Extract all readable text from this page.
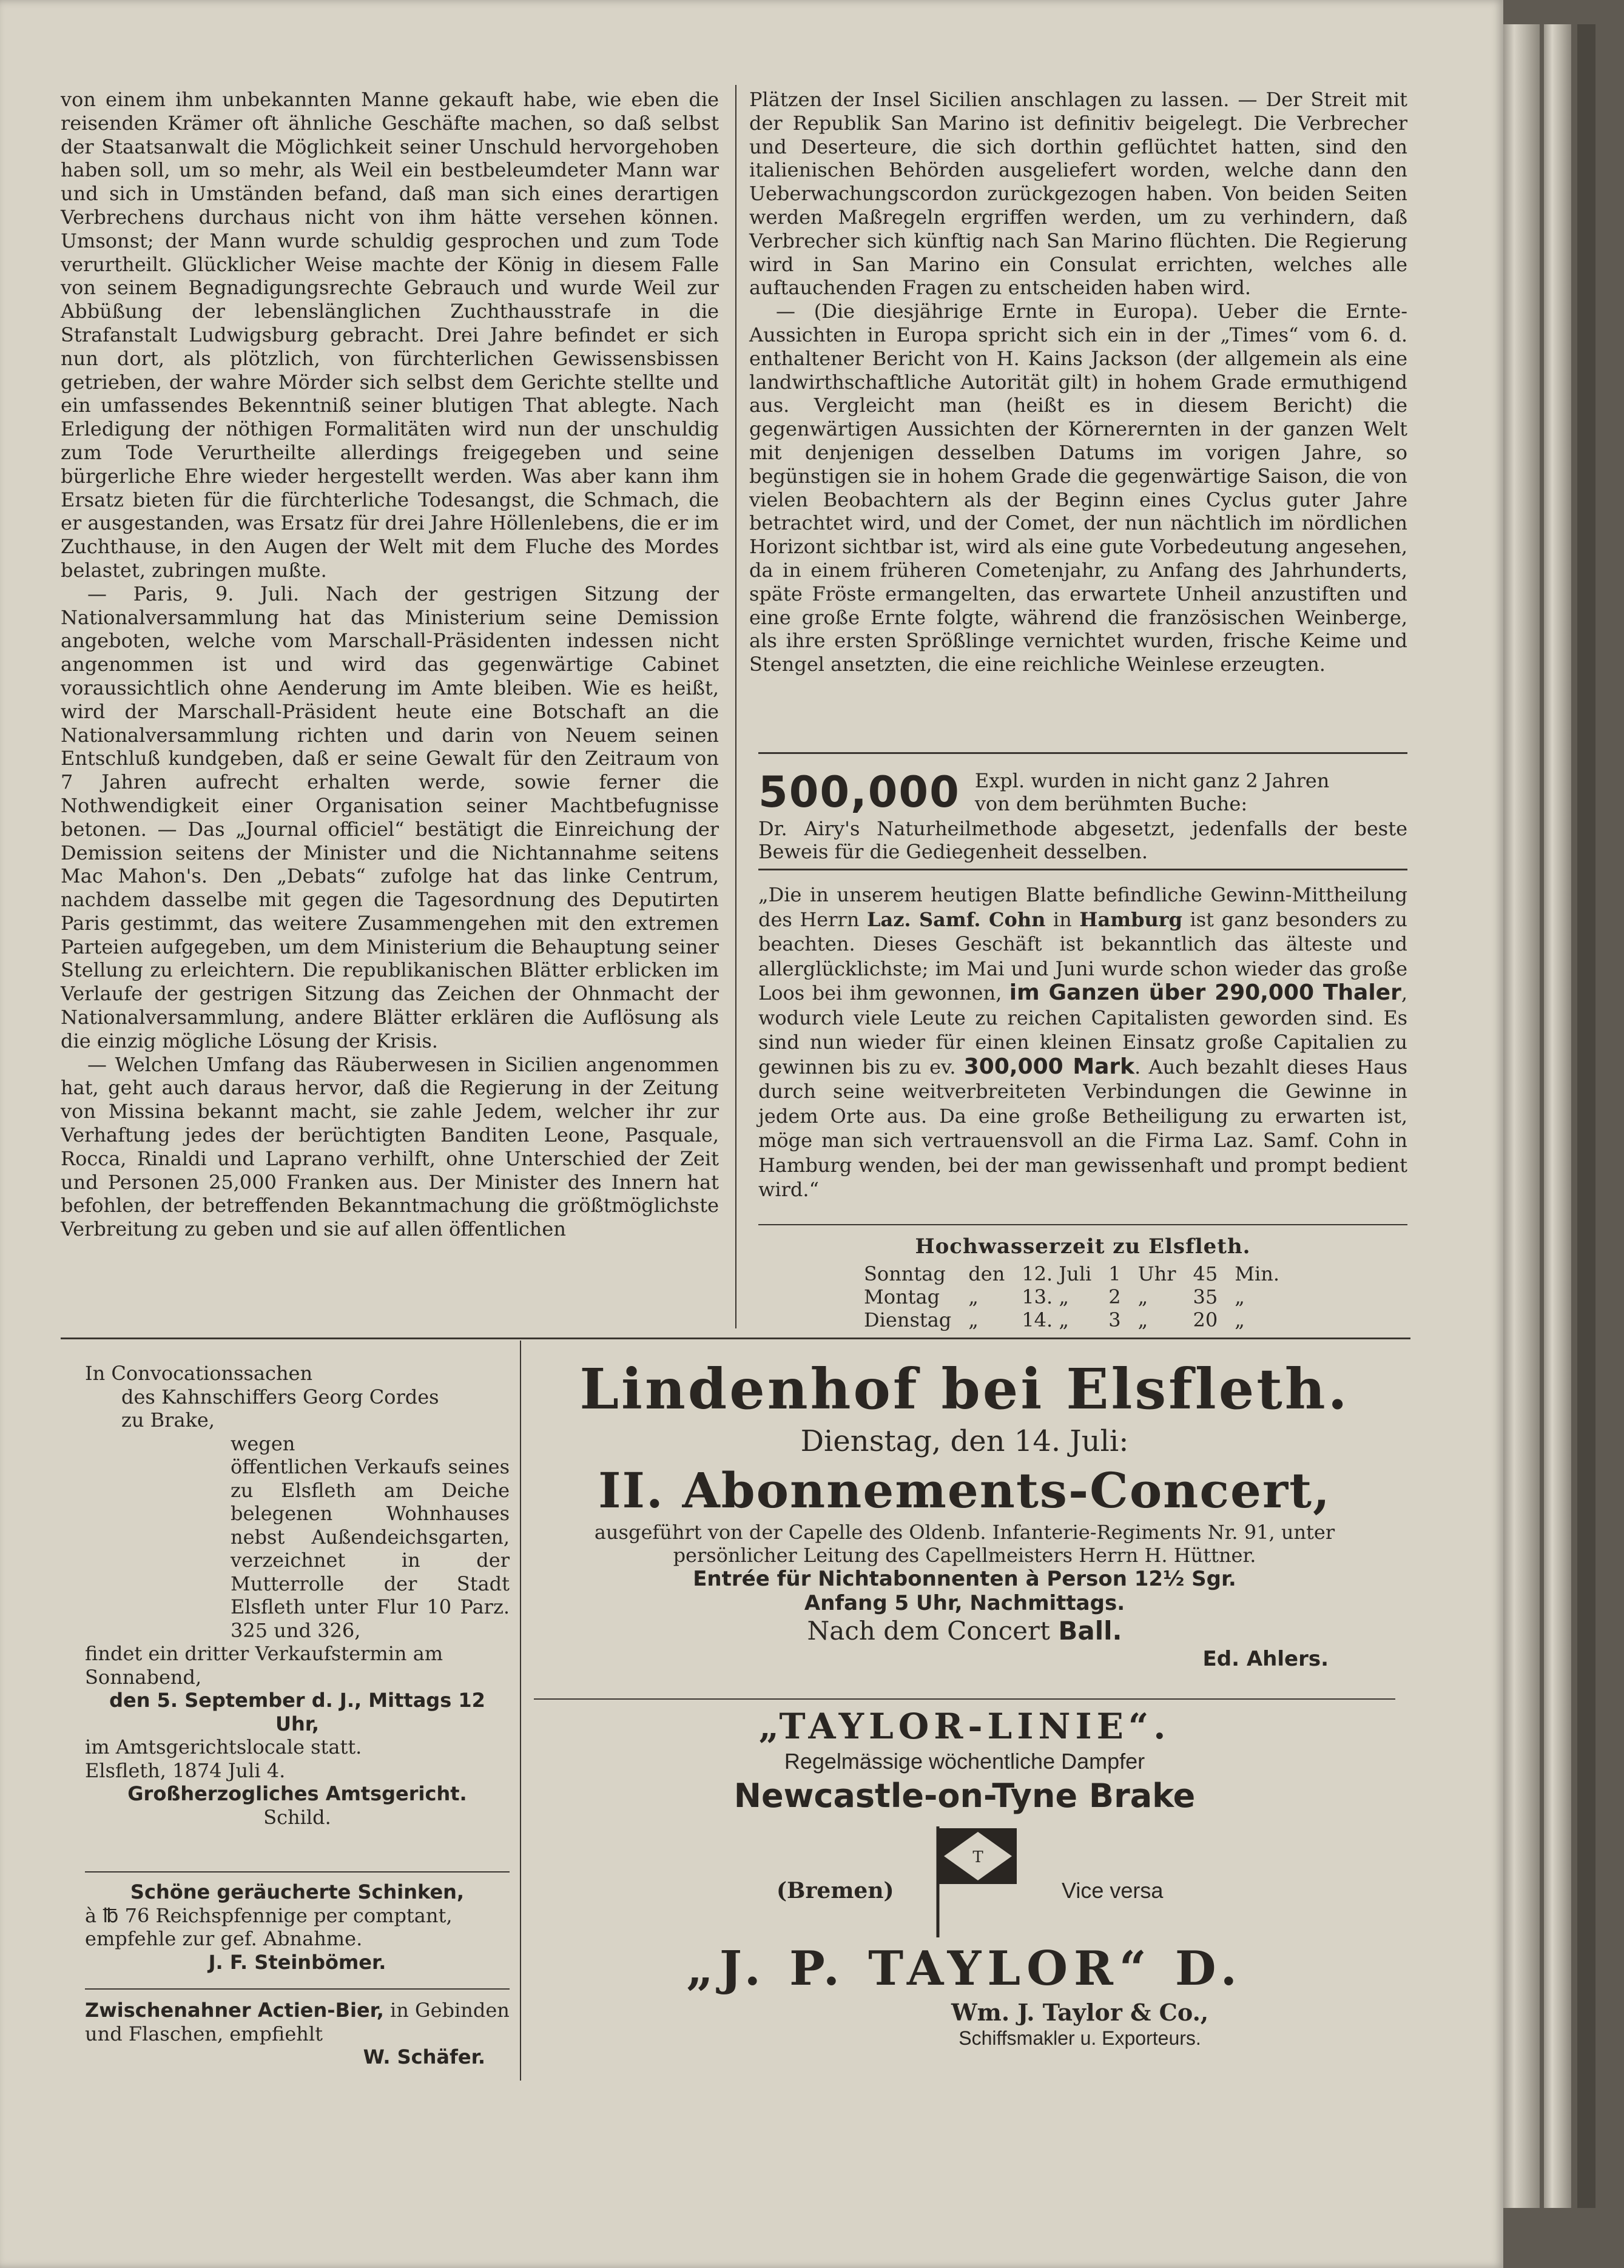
von einem ihm unbekannten Manne gekauft habe, wie eben die reisenden Krämer oft ähnliche Geschäfte machen, so daß selbst der Staatsanwalt die Möglichkeit seiner Unschuld hervorgehoben haben soll, um so mehr, als Weil ein bestbeleumdeter Mann war und sich in Umständen befand, daß man sich eines derartigen Verbrechens durchaus nicht von ihm hätte versehen können. Umsonst; der Mann wurde schuldig gesprochen und zum Tode verurtheilt. Glücklicher Weise machte der König in diesem Falle von seinem Begnadigungsrechte Gebrauch und wurde Weil zur Abbüßung der lebenslänglichen Zuchthausstrafe in die Strafanstalt Ludwigsburg gebracht. Drei Jahre befindet er sich nun dort, als plötzlich, von fürchterlichen Gewissensbissen getrieben, der wahre Mörder sich selbst dem Gerichte stellte und ein umfassendes Bekenntniß seiner blutigen That ablegte. Nach Erledigung der nöthigen Formalitäten wird nun der unschuldig zum Tode Verurtheilte allerdings freigegeben und seine bürgerliche Ehre wieder hergestellt werden. Was aber kann ihm Ersatz bieten für die fürchterliche Todesangst, die Schmach, die er ausgestanden, was Ersatz für drei Jahre Höllenlebens, die er im Zuchthause, in den Augen der Welt mit dem Fluche des Mordes belastet, zubringen mußte.

— Paris, 9. Juli. Nach der gestrigen Sitzung der Nationalversammlung hat das Ministerium seine Demission angeboten, welche vom Marschall-Präsidenten indessen nicht angenommen ist und wird das gegenwärtige Cabinet voraussichtlich ohne Aenderung im Amte bleiben. Wie es heißt, wird der Marschall-Präsident heute eine Botschaft an die Nationalversammlung richten und darin von Neuem seinen Entschluß kundgeben, daß er seine Gewalt für den Zeitraum von 7 Jahren aufrecht erhalten werde, sowie ferner die Nothwendigkeit einer Organisation seiner Machtbefugnisse betonen. — Das „Journal officiel“ bestätigt die Einreichung der Demission seitens der Minister und die Nichtannahme seitens Mac Mahon's. Den „Debats“ zufolge hat das linke Centrum, nachdem dasselbe mit gegen die Tagesordnung des Deputirten Paris gestimmt, das weitere Zusammengehen mit den extremen Parteien aufgegeben, um dem Ministerium die Behauptung seiner Stellung zu erleichtern. Die republikanischen Blätter erblicken im Verlaufe der gestrigen Sitzung das Zeichen der Ohnmacht der Nationalversammlung, andere Blätter erklären die Auflösung als die einzig mögliche Lösung der Krisis.

— Welchen Umfang das Räuberwesen in Sicilien angenommen hat, geht auch daraus hervor, daß die Regierung in der Zeitung von Missina bekannt macht, sie zahle Jedem, welcher ihr zur Verhaftung jedes der berüchtigten Banditen Leone, Pasquale, Rocca, Rinaldi und Laprano verhilft, ohne Unterschied der Zeit und Personen 25,000 Franken aus. Der Minister des Innern hat befohlen, der betreffenden Bekanntmachung die größtmöglichste Verbreitung zu geben und sie auf allen öffentlichen

Plätzen der Insel Sicilien anschlagen zu lassen. — Der Streit mit der Republik San Marino ist definitiv beigelegt. Die Verbrecher und Deserteure, die sich dorthin geflüchtet hatten, sind den italienischen Behörden ausgeliefert worden, welche dann den Ueberwachungscordon zurückgezogen haben. Von beiden Seiten werden Maßregeln ergriffen werden, um zu verhindern, daß Verbrecher sich künftig nach San Marino flüchten. Die Regierung wird in San Marino ein Consulat errichten, welches alle auftauchenden Fragen zu entscheiden haben wird.

— (Die diesjährige Ernte in Europa). Ueber die Ernte-Aussichten in Europa spricht sich ein in der „Times“ vom 6. d. enthaltener Bericht von H. Kains Jackson (der allgemein als eine landwirthschaftliche Autorität gilt) in hohem Grade ermuthigend aus. Vergleicht man (heißt es in diesem Bericht) die gegenwärtigen Aussichten der Körnerernten in der ganzen Welt mit denjenigen desselben Datums im vorigen Jahre, so begünstigen sie in hohem Grade die gegenwärtige Saison, die von vielen Beobachtern als der Beginn eines Cyclus guter Jahre betrachtet wird, und der Comet, der nun nächtlich im nördlichen Horizont sichtbar ist, wird als eine gute Vorbedeutung angesehen, da in einem früheren Cometenjahr, zu Anfang des Jahrhunderts, späte Fröste ermangelten, das erwartete Unheil anzustiften und eine große Ernte folgte, während die französischen Weinberge, als ihre ersten Sprößlinge vernichtet wurden, frische Keime und Stengel ansetzten, die eine reichliche Weinlese erzeugten.

500,000 Expl. wurden in nicht ganz 2 Jahren
von dem berühmten Buche:
Dr. Airy's Naturheilmethode abgesetzt, jedenfalls der beste Beweis für die Gediegenheit desselben.
„Die in unserem heutigen Blatte befindliche Gewinn-Mittheilung des Herrn Laz. Samf. Cohn in Hamburg ist ganz besonders zu beachten. Dieses Geschäft ist bekanntlich das älteste und allerglücklichste; im Mai und Juni wurde schon wieder das große Loos bei ihm gewonnen, im Ganzen über 290,000 Thaler, wodurch viele Leute zu reichen Capitalisten geworden sind. Es sind nun wieder für einen kleinen Einsatz große Capitalien zu gewinnen bis zu ev. 300,000 Mark. Auch bezahlt dieses Haus durch seine weitverbreiteten Verbindungen die Gewinne in jedem Orte aus. Da eine große Betheiligung zu erwarten ist, möge man sich vertrauensvoll an die Firma Laz. Samf. Cohn in Hamburg wenden, bei der man gewissenhaft und prompt bedient wird.“
Hochwasserzeit zu Elsfleth.
Sonntag	den	12. Juli	1	Uhr	45	Min.
Montag	„	13. „	2	„	35	„
Dienstag	„	14. „	3	„	20	„
In Convocationssachen
des Kahnschiffers Georg Cordes
zu Brake,
wegen
öffentlichen Verkaufs seines zu Elsfleth am Deiche belegenen Wohnhauses nebst Außendeichsgarten, verzeichnet in der Mutterrolle der Stadt Elsfleth unter Flur 10 Parz. 325 und 326,
findet ein dritter Verkaufstermin am Sonnabend,
den 5. September d. J., Mittags 12 Uhr,
im Amtsgerichtslocale statt.
Elsfleth, 1874 Juli 4.
Großherzogliches Amtsgericht.
Schild.
Schöne geräucherte Schinken,
à ℔ 76 Reichspfennige per comptant, empfehle zur gef. Abnahme.
J. F. Steinbömer.
Zwischenahner Actien-Bier, in Gebinden und Flaschen, empfiehlt
W. Schäfer.
Lindenhof bei Elsfleth.
Dienstag, den 14. Juli:
II. Abonnements-Concert,
ausgeführt von der Capelle des Oldenb. Infanterie-Regiments Nr. 91, unter persönlicher Leitung des Capellmeisters Herrn H. Hüttner.
Entrée für Nichtabonnenten à Person 12½ Sgr.
Anfang 5 Uhr, Nachmittags.
Nach dem Concert Ball.
Ed. Ahlers.
„TAYLOR-LINIE“.
Regelmässige wöchentliche Dampfer
Newcastle-on-Tyne Brake
(Bremen)
T
Vice versa
„J. P. TAYLOR“ D.
Wm. J. Taylor & Co.,
Schiffsmakler u. Exporteurs.
